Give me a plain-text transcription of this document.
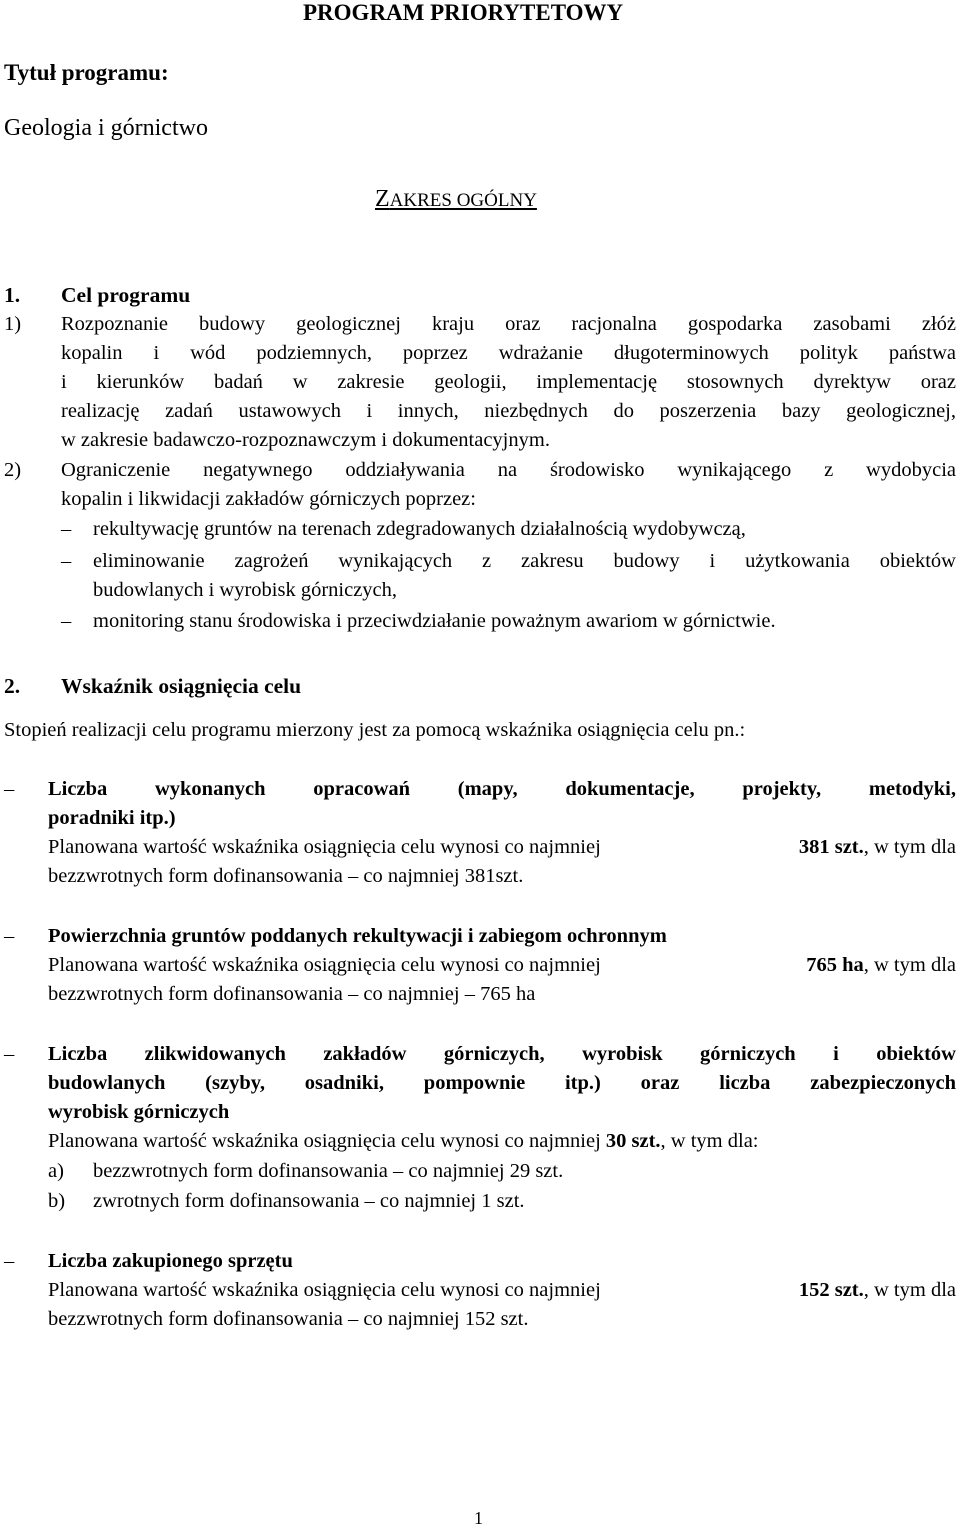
PROGRAM PRIORYTETOWY
Tytuł programu:
Geologia i górnictwo
ZAKRES OGÓLNY
1. Cel programu
1) Rozpoznanie budowy geologicznej kraju oraz racjonalna gospodarka zasobami złóż
kopalin i wód podziemnych, poprzez wdrażanie długoterminowych polityk państwa
i kierunków badań w zakresie geologii, implementację stosownych dyrektyw oraz
realizację zadań ustawowych i innych, niezbędnych do poszerzenia bazy geologicznej,
w zakresie badawczo-rozpoznawczym i dokumentacyjnym.
2) Ograniczenie negatywnego oddziaływania na środowisko wynikającego z wydobycia
kopalin i likwidacji zakładów górniczych poprzez:
– rekultywację gruntów na terenach zdegradowanych działalnością wydobywczą,
– eliminowanie zagrożeń wynikających z zakresu budowy i użytkowania obiektów
budowlanych i wyrobisk górniczych,
– monitoring stanu środowiska i przeciwdziałanie poważnym awariom w górnictwie.
2. Wskaźnik osiągnięcia celu
Stopień realizacji celu programu mierzony jest za pomocą wskaźnika osiągnięcia celu pn.:
– Liczba wykonanych opracowań (mapy, dokumentacje, projekty, metodyki,
poradniki itp.)
Planowana wartość wskaźnika osiągnięcia celu wynosi co najmniej	381 szt., w tym dla
bezzwrotnych form dofinansowania – co najmniej 381szt.
– Powierzchnia gruntów poddanych rekultywacji i zabiegom ochronnym
Planowana wartość wskaźnika osiągnięcia celu wynosi co najmniej	765 ha, w tym dla
bezzwrotnych form dofinansowania – co najmniej – 765 ha
– Liczba zlikwidowanych zakładów górniczych, wyrobisk górniczych i obiektów
budowlanych (szyby, osadniki, pompownie itp.) oraz liczba zabezpieczonych
wyrobisk górniczych
Planowana wartość wskaźnika osiągnięcia celu wynosi co najmniej 30 szt., w tym dla:
a) bezzwrotnych form dofinansowania – co najmniej 29 szt.
b) zwrotnych form dofinansowania – co najmniej 1 szt.
– Liczba zakupionego sprzętu
Planowana wartość wskaźnika osiągnięcia celu wynosi co najmniej	152 szt., w tym dla
bezzwrotnych form dofinansowania – co najmniej 152 szt.
1
